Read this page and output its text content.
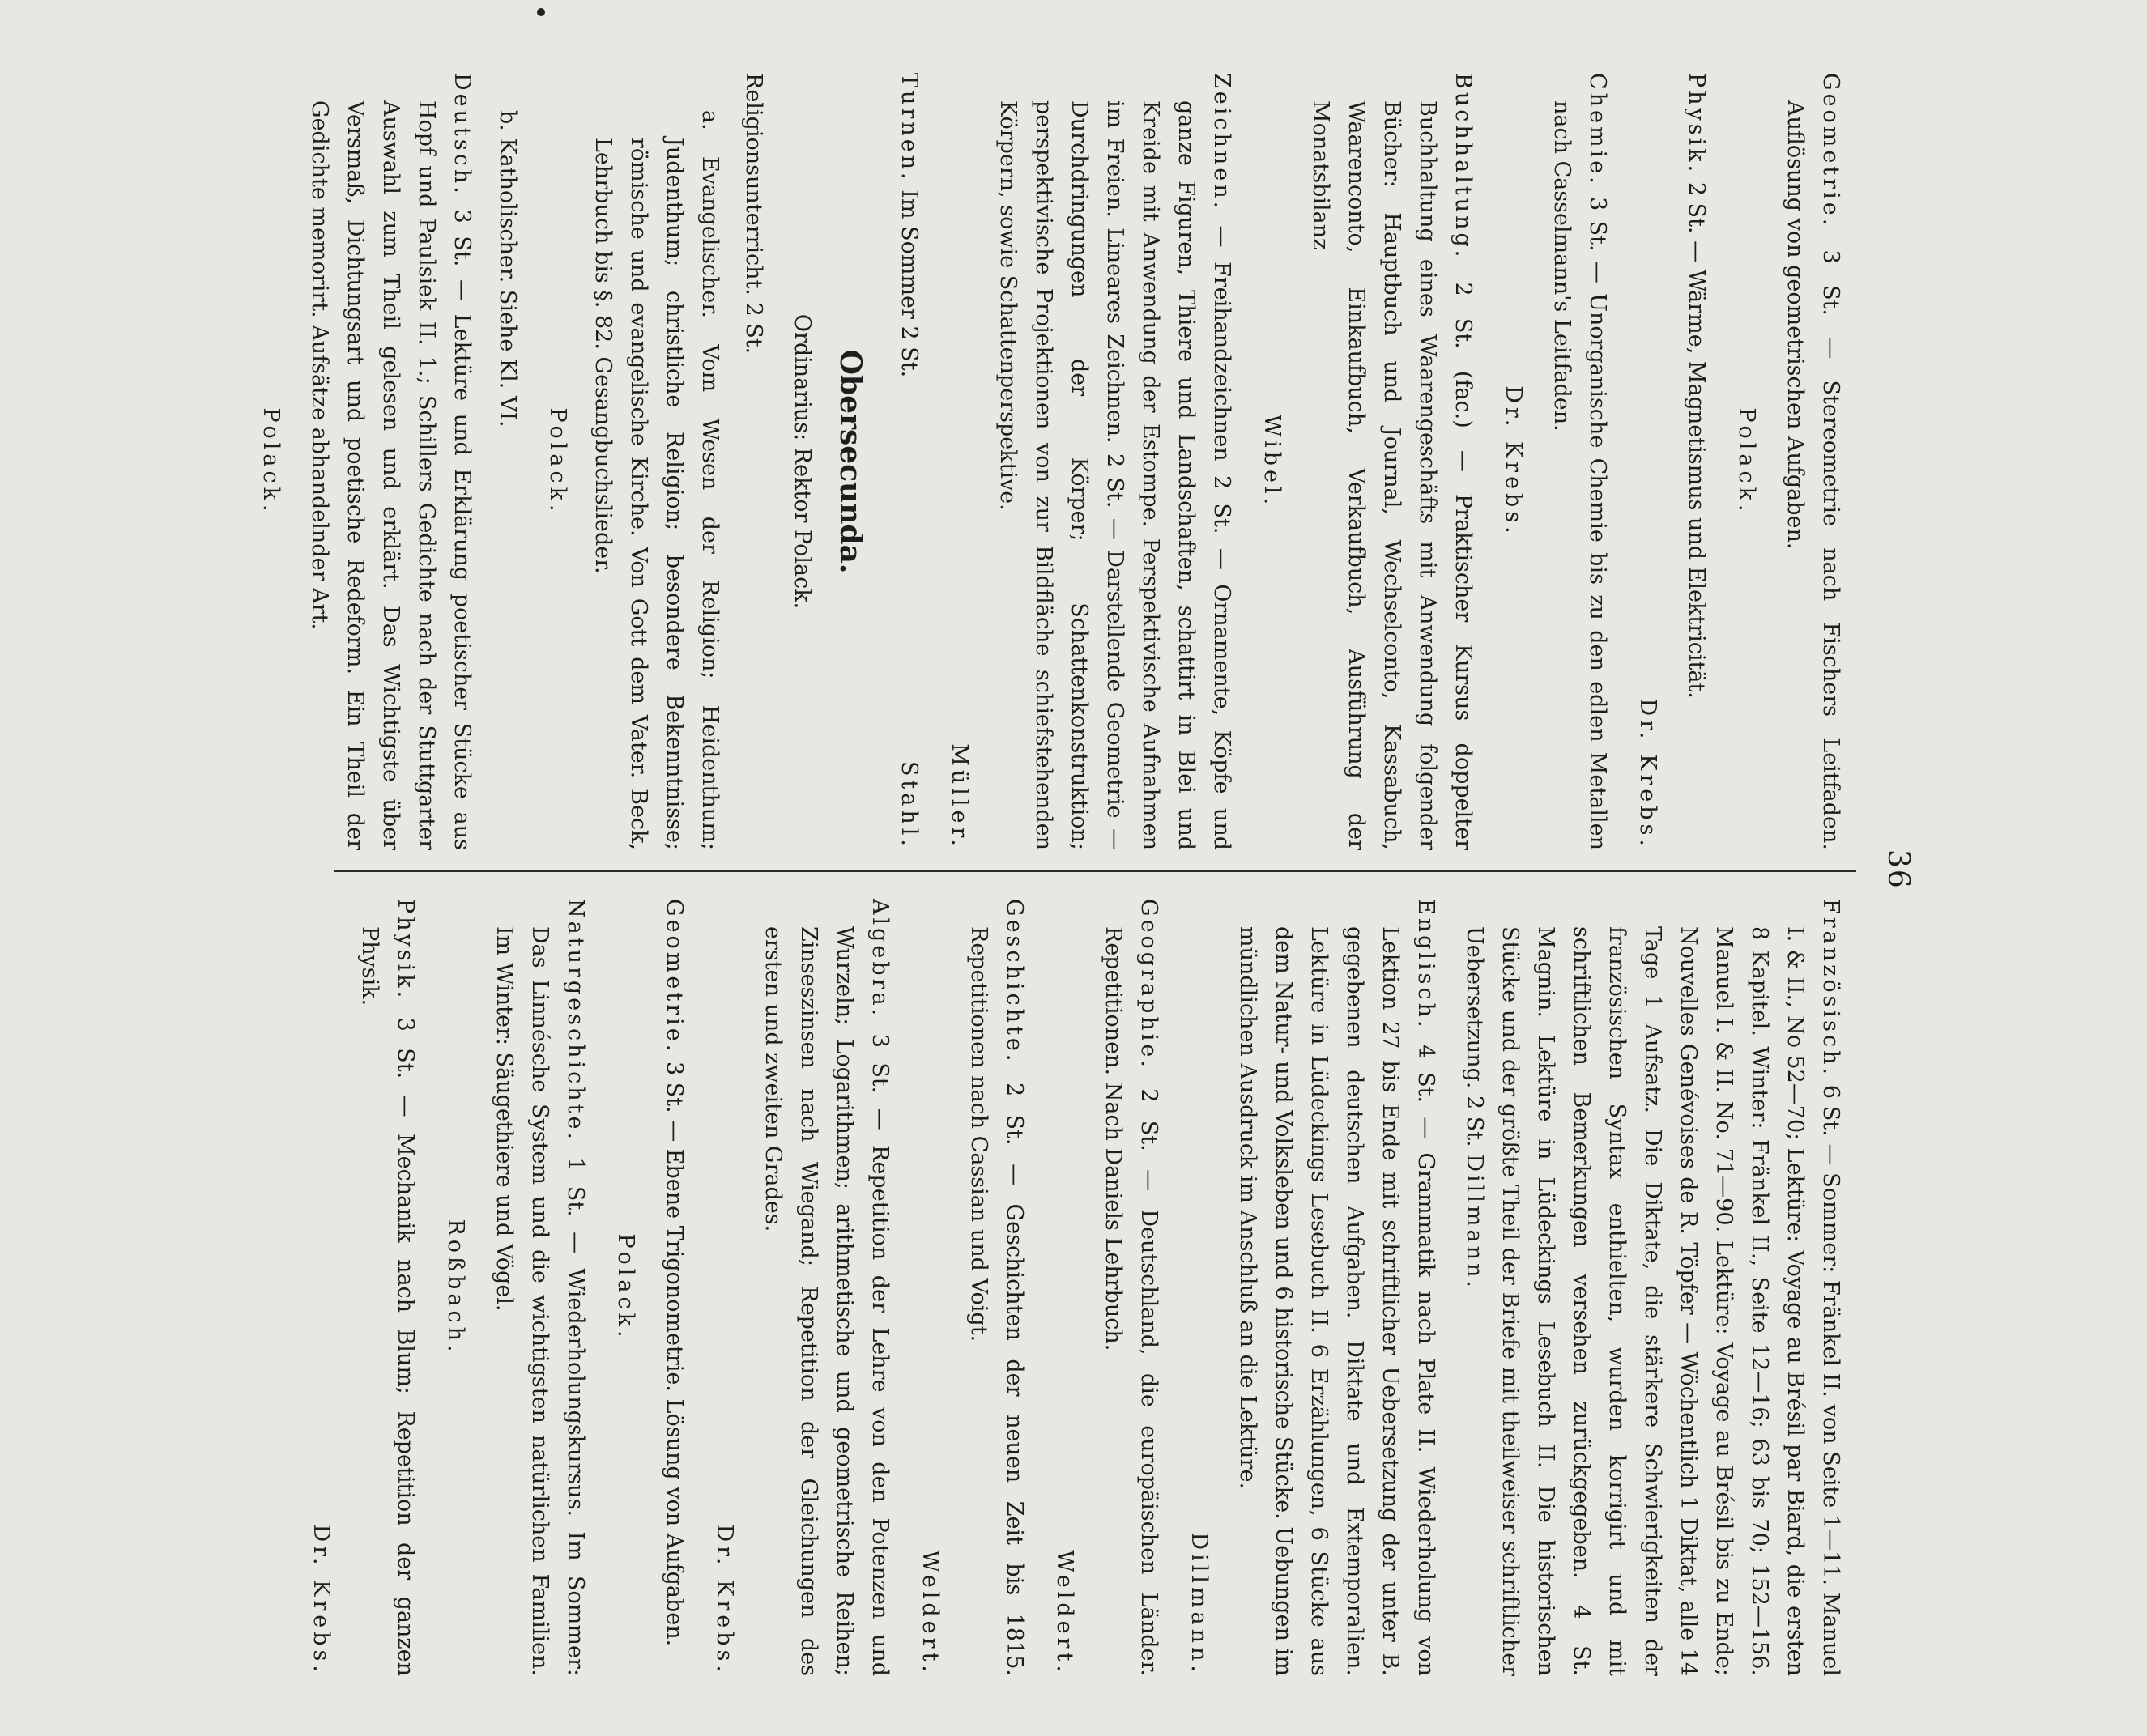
36

Geometrie. 3 St. — Stereometrie nach Fischers Leitfaden. Auflösung von geometrischen Aufgaben.

Polack.

Physik. 2 St. — Wärme, Magnetismus und Elektricität.

Dr. Krebs.

Chemie. 3 St. — Unorganische Chemie bis zu den edlen Metallen nach Casselmann's Leitfaden.

Dr. Krebs.

Buchhaltung. 2 St. (fac.) — Praktischer Kursus doppelter Buchhaltung eines Waarengeschäfts mit Anwendung folgender Bücher: Hauptbuch und Journal, Wechselconto, Kassabuch, Waarenconto, Einkaufbuch, Verkaufbuch, Ausführung der Monatsbilanz

Wibel.

Zeichnen. — Freihandzeichnen 2 St. — Ornamente, Köpfe und ganze Figuren, Thiere und Landschaften, schattirt in Blei und Kreide mit Anwendung der Estompe. Perspektivische Aufnahmen im Freien. Lineares Zeichnen. 2 St. — Darstellende Geometrie — Durchdringungen der Körper; Schattenkonstruktion; perspektivische Projektionen von zur Bildfläche schiefstehenden Körpern, sowie Schattenperspektive.

Müller.

Turnen. Im Sommer 2 St.
Stahl.

Obersecunda.

Ordinarius: Rektor Polack.

Religionsunterricht. 2 St.

a. Evangelischer. Vom Wesen der Religion; Heidenthum; Judenthum; christliche Religion; besondere Bekenntnisse; römische und evangelische Kirche. Von Gott dem Vater. Beck, Lehrbuch bis §. 82. Gesangbuchslieder.

Polack.

b. Katholischer. Siehe Kl. VI.

Deutsch. 3 St. — Lektüre und Erklärung poetischer Stücke aus Hopf und Paulsiek II. 1.; Schillers Gedichte nach der Stuttgarter Auswahl zum Theil gelesen und erklärt. Das Wichtigste über Versmaß, Dichtungsart und poetische Redeform. Ein Theil der Gedichte memorirt. Aufsätze abhandelnder Art.

Polack.

Französisch. 6 St. — Sommer: Fränkel II. von Seite 1—11. Manuel I. & II., No 52—70; Lektüre: Voyage au Brésil par Biard, die ersten 8 Kapitel. Winter: Fränkel II., Seite 12—16; 63 bis 70; 152—156. Manuel I. & II. No. 71—90. Lektüre: Voyage au Brésil bis zu Ende; Nouvelles Genévoises de R. Töpfer — Wöchentlich 1 Diktat, alle 14 Tage 1 Aufsatz. Die Diktate, die stärkere Schwierigkeiten der französischen Syntax enthielten, wurden korrigirt und mit schriftlichen Bemerkungen versehen zurückgegeben. 4 St. Magnin. Lektüre in Lüdeckings Lesebuch II. Die historischen Stücke und der größte Theil der Briefe mit theilweiser schriftlicher Uebersetzung. 2 St. Dillmann.

Englisch. 4 St. — Grammatik nach Plate II. Wiederholung von Lektion 27 bis Ende mit schriftlicher Uebersetzung der unter B. gegebenen deutschen Aufgaben. Diktate und Extemporalien. Lektüre in Lüdeckings Lesebuch II. 6 Erzählungen, 6 Stücke aus dem Natur- und Volksleben und 6 historische Stücke. Uebungen im mündlichen Ausdruck im Anschluß an die Lektüre.

Dillmann.

Geographie. 2 St. — Deutschland, die europäischen Länder. Repetitionen. Nach Daniels Lehrbuch.

Weldert.

Geschichte. 2 St. — Geschichten der neuen Zeit bis 1815. Repetitionen nach Cassian und Voigt.

Weldert.

Algebra. 3 St. — Repetition der Lehre von den Potenzen und Wurzeln; Logarithmen; arithmetische und geometrische Reihen; Zinseszinsen nach Wiegand; Repetition der Gleichungen des ersten und zweiten Grades.

Dr. Krebs.

Geometrie. 3 St. — Ebene Trigonometrie. Lösung von Aufgaben.

Polack.

Naturgeschichte. 1 St. — Wiederholungskursus. Im Sommer: Das Linnésche System und die wichtigsten natürlichen Familien. Im Winter: Säugethiere und Vögel.

Roßbach.

Physik. 3 St. — Mechanik nach Blum; Repetition der ganzen Physik.

Dr. Krebs.
